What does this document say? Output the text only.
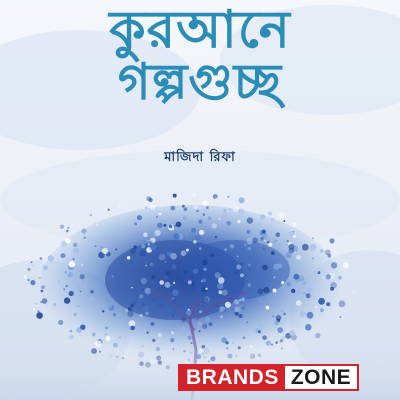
কুরআনে
গল্পগুচ্ছ
মাজিদা রিফা
BRANDS ZONE
